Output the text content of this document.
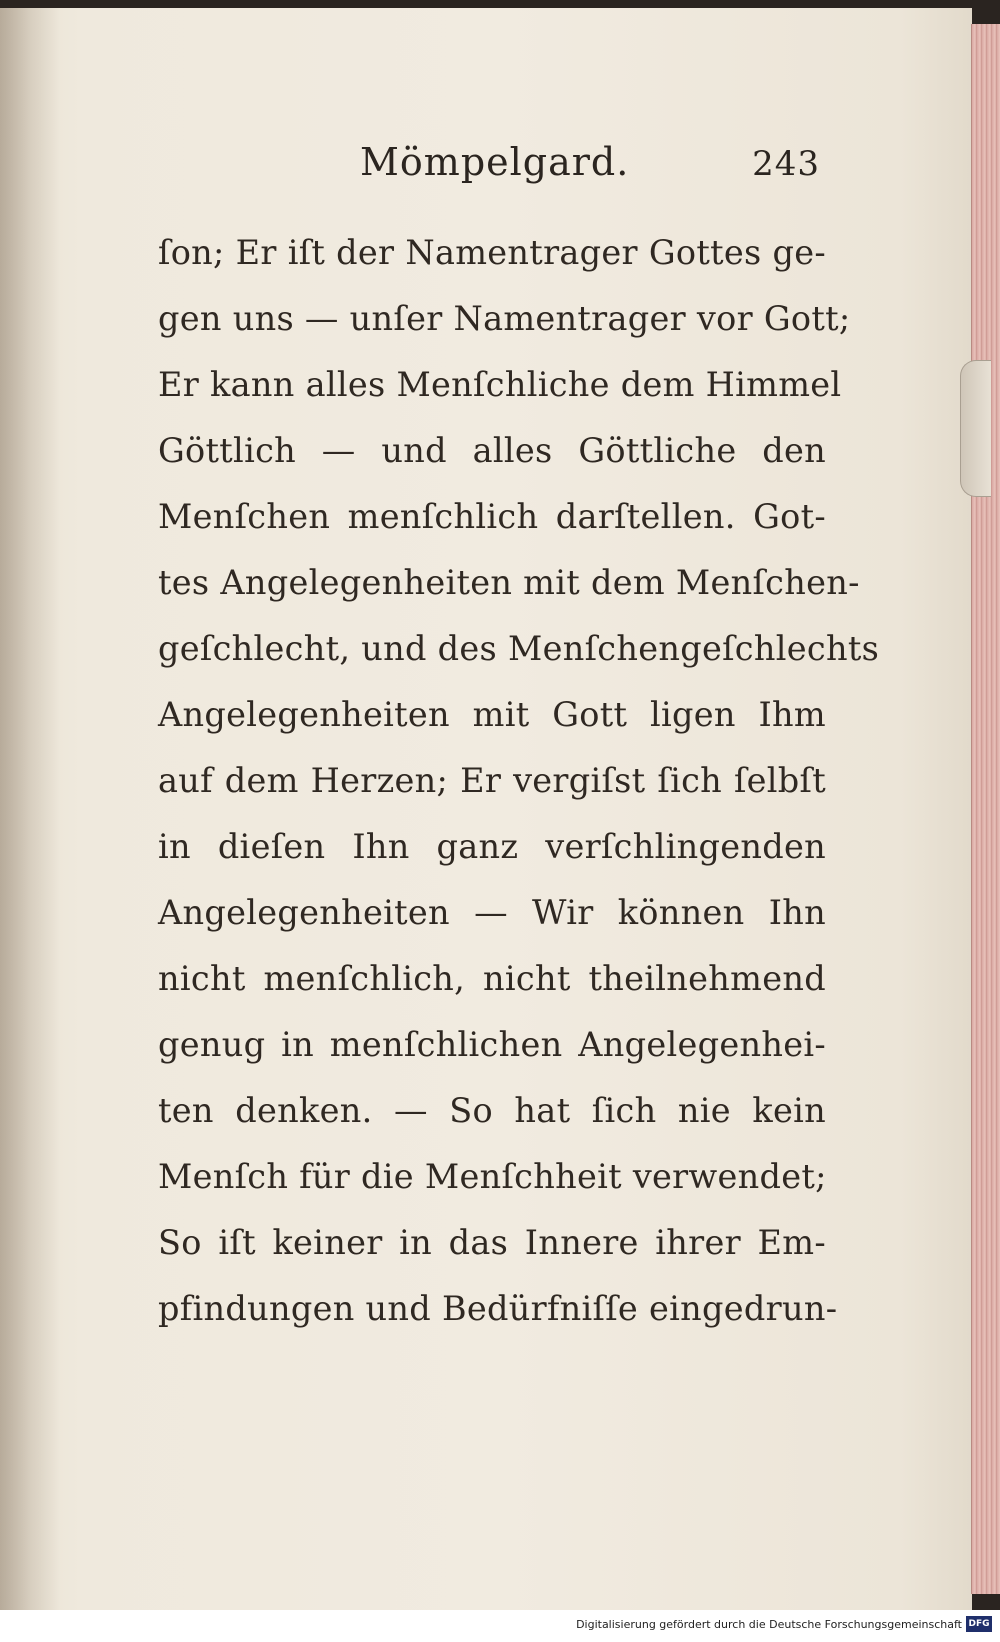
Mömpelgard.	243
ſon; Er iſt der Namentrager Gottes ge-
gen uns — unſer Namentrager vor Gott;
Er kann alles Menſchliche dem Himmel
Göttlich — und alles Göttliche den
Menſchen menſchlich darſtellen. Got-
tes Angelegenheiten mit dem Menſchen-
geſchlecht, und des Menſchengeſchlechts
Angelegenheiten mit Gott ligen Ihm
auf dem Herzen; Er vergiſst ſich ſelbſt
in dieſen Ihn ganz verſchlingenden
Angelegenheiten — Wir können Ihn
nicht menſchlich, nicht theilnehmend
genug in menſchlichen Angelegenhei-
ten denken. — So hat ſich nie kein
Menſch für die Menſchheit verwendet;
So iſt keiner in das Innere ihrer Em-
pfindungen und Bedürfniſſe eingedrun-
Digitalisierung gefördert durch die Deutsche Forschungsgemeinschaft DFG
